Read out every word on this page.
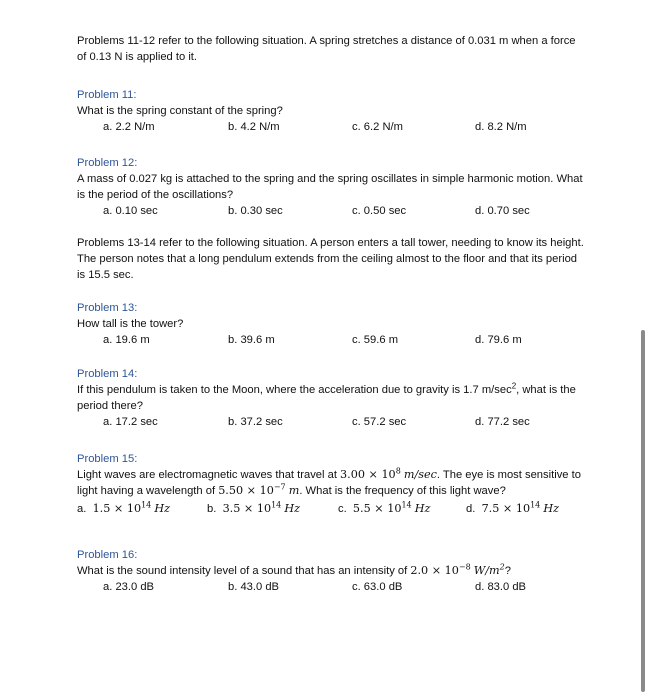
Problems 11-12 refer to the following situation. A spring stretches a distance of 0.031 m when a force of 0.13 N is applied to it.

Problem 11:

What is the spring constant of the spring?

a. 2.2 N/m	b. 4.2 N/m	c. 6.2 N/m	d. 8.2 N/m

Problem 12:

A mass of 0.027 kg is attached to the spring and the spring oscillates in simple harmonic motion. What is the period of the oscillations?

a. 0.10 sec	b. 0.30 sec	c. 0.50 sec	d. 0.70 sec

Problems 13-14 refer to the following situation. A person enters a tall tower, needing to know its height. The person notes that a long pendulum extends from the ceiling almost to the floor and that its period is 15.5 sec.

Problem 13:

How tall is the tower?

a. 19.6 m	b. 39.6 m	c. 59.6 m	d. 79.6 m

Problem 14:

If this pendulum is taken to the Moon, where the acceleration due to gravity is 1.7 $m/\sec^2$, what is the period there?

a. 17.2 sec	b. 37.2 sec	c. 57.2 sec	d. 77.2 sec

Problem 15:

Light waves are electromagnetic waves that travel at $3.00 \times 10^8$ m/sec. The eye is most sensitive to light having a wavelength of $5.50 \times 10^{-7}$ m. What is the frequency of this light wave?

a. $1.5 \times 10^{14}$ Hz	b. $3.5 \times 10^{14}$ Hz	c. $5.5 \times 10^{14}$ Hz	d. $7.5 \times 10^{14}$ Hz

Problem 16:

What is the sound intensity level of a sound that has an intensity of $2.0 \times 10^{-8}$ $W/m^2$?

a. 23.0 dB	b. 43.0 dB	c. 63.0 dB	d. 83.0 dB
